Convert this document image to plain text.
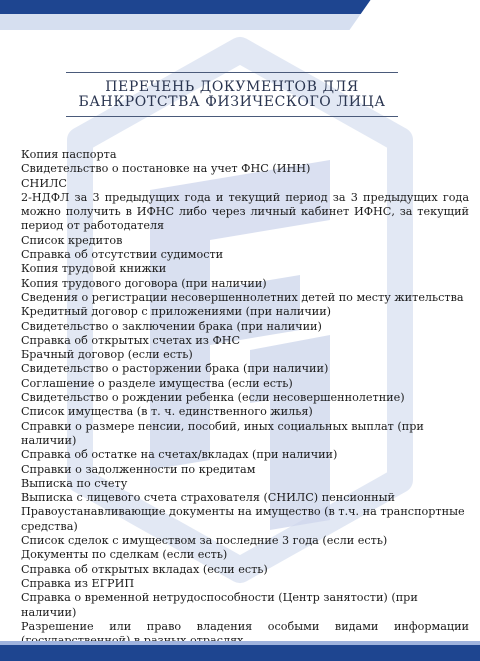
ПЕРЕЧЕНЬ ДОКУМЕНТОВ ДЛЯ
БАНКРОТСТВА ФИЗИЧЕСКОГО ЛИЦА
Копия паспорта
Свидетельство о постановке на учет ФНС (ИНН)
СНИЛС
2-НДФЛ за 3 предыдущих года и текущий период за 3 предыдущих года можно получить в ИФНС либо через личный кабинет ИФНС, за текущий период от работодателя
Список кредитов
Справка об отсутствии судимости
Копия трудовой книжки
Копия трудового договора (при наличии)
Сведения о регистрации несовершеннолетних детей по месту жительства
Кредитный договор с приложениями (при наличии)
Свидетельство о заключении брака (при наличии)
Справка об открытых счетах из ФНС
Брачный договор (если есть)
Свидетельство о расторжении брака (при наличии)
Соглашение о разделе имущества (если есть)
Свидетельство о рождении ребенка (если несовершеннолетние)
Список имущества (в т. ч. единственного жилья)
Справки о размере пенсии, пособий, иных социальных выплат (при наличии)
Справка об остатке на счетах/вкладах (при наличии)
Справки о задолженности по кредитам
Выписка по счету
Выписка с лицевого счета страхователя (СНИЛС) пенсионный
Правоустанавливающие документы на имущество (в т.ч. на транспортные средства)
Список сделок с имуществом за последние 3 года (если есть)
Документы по сделкам (если есть)
Справка об открытых вкладах (если есть)
Справка из ЕГРИП
Справка о временной нетрудоспособности (Центр занятости) (при наличии)
Разрешение или право владения особыми видами информации
